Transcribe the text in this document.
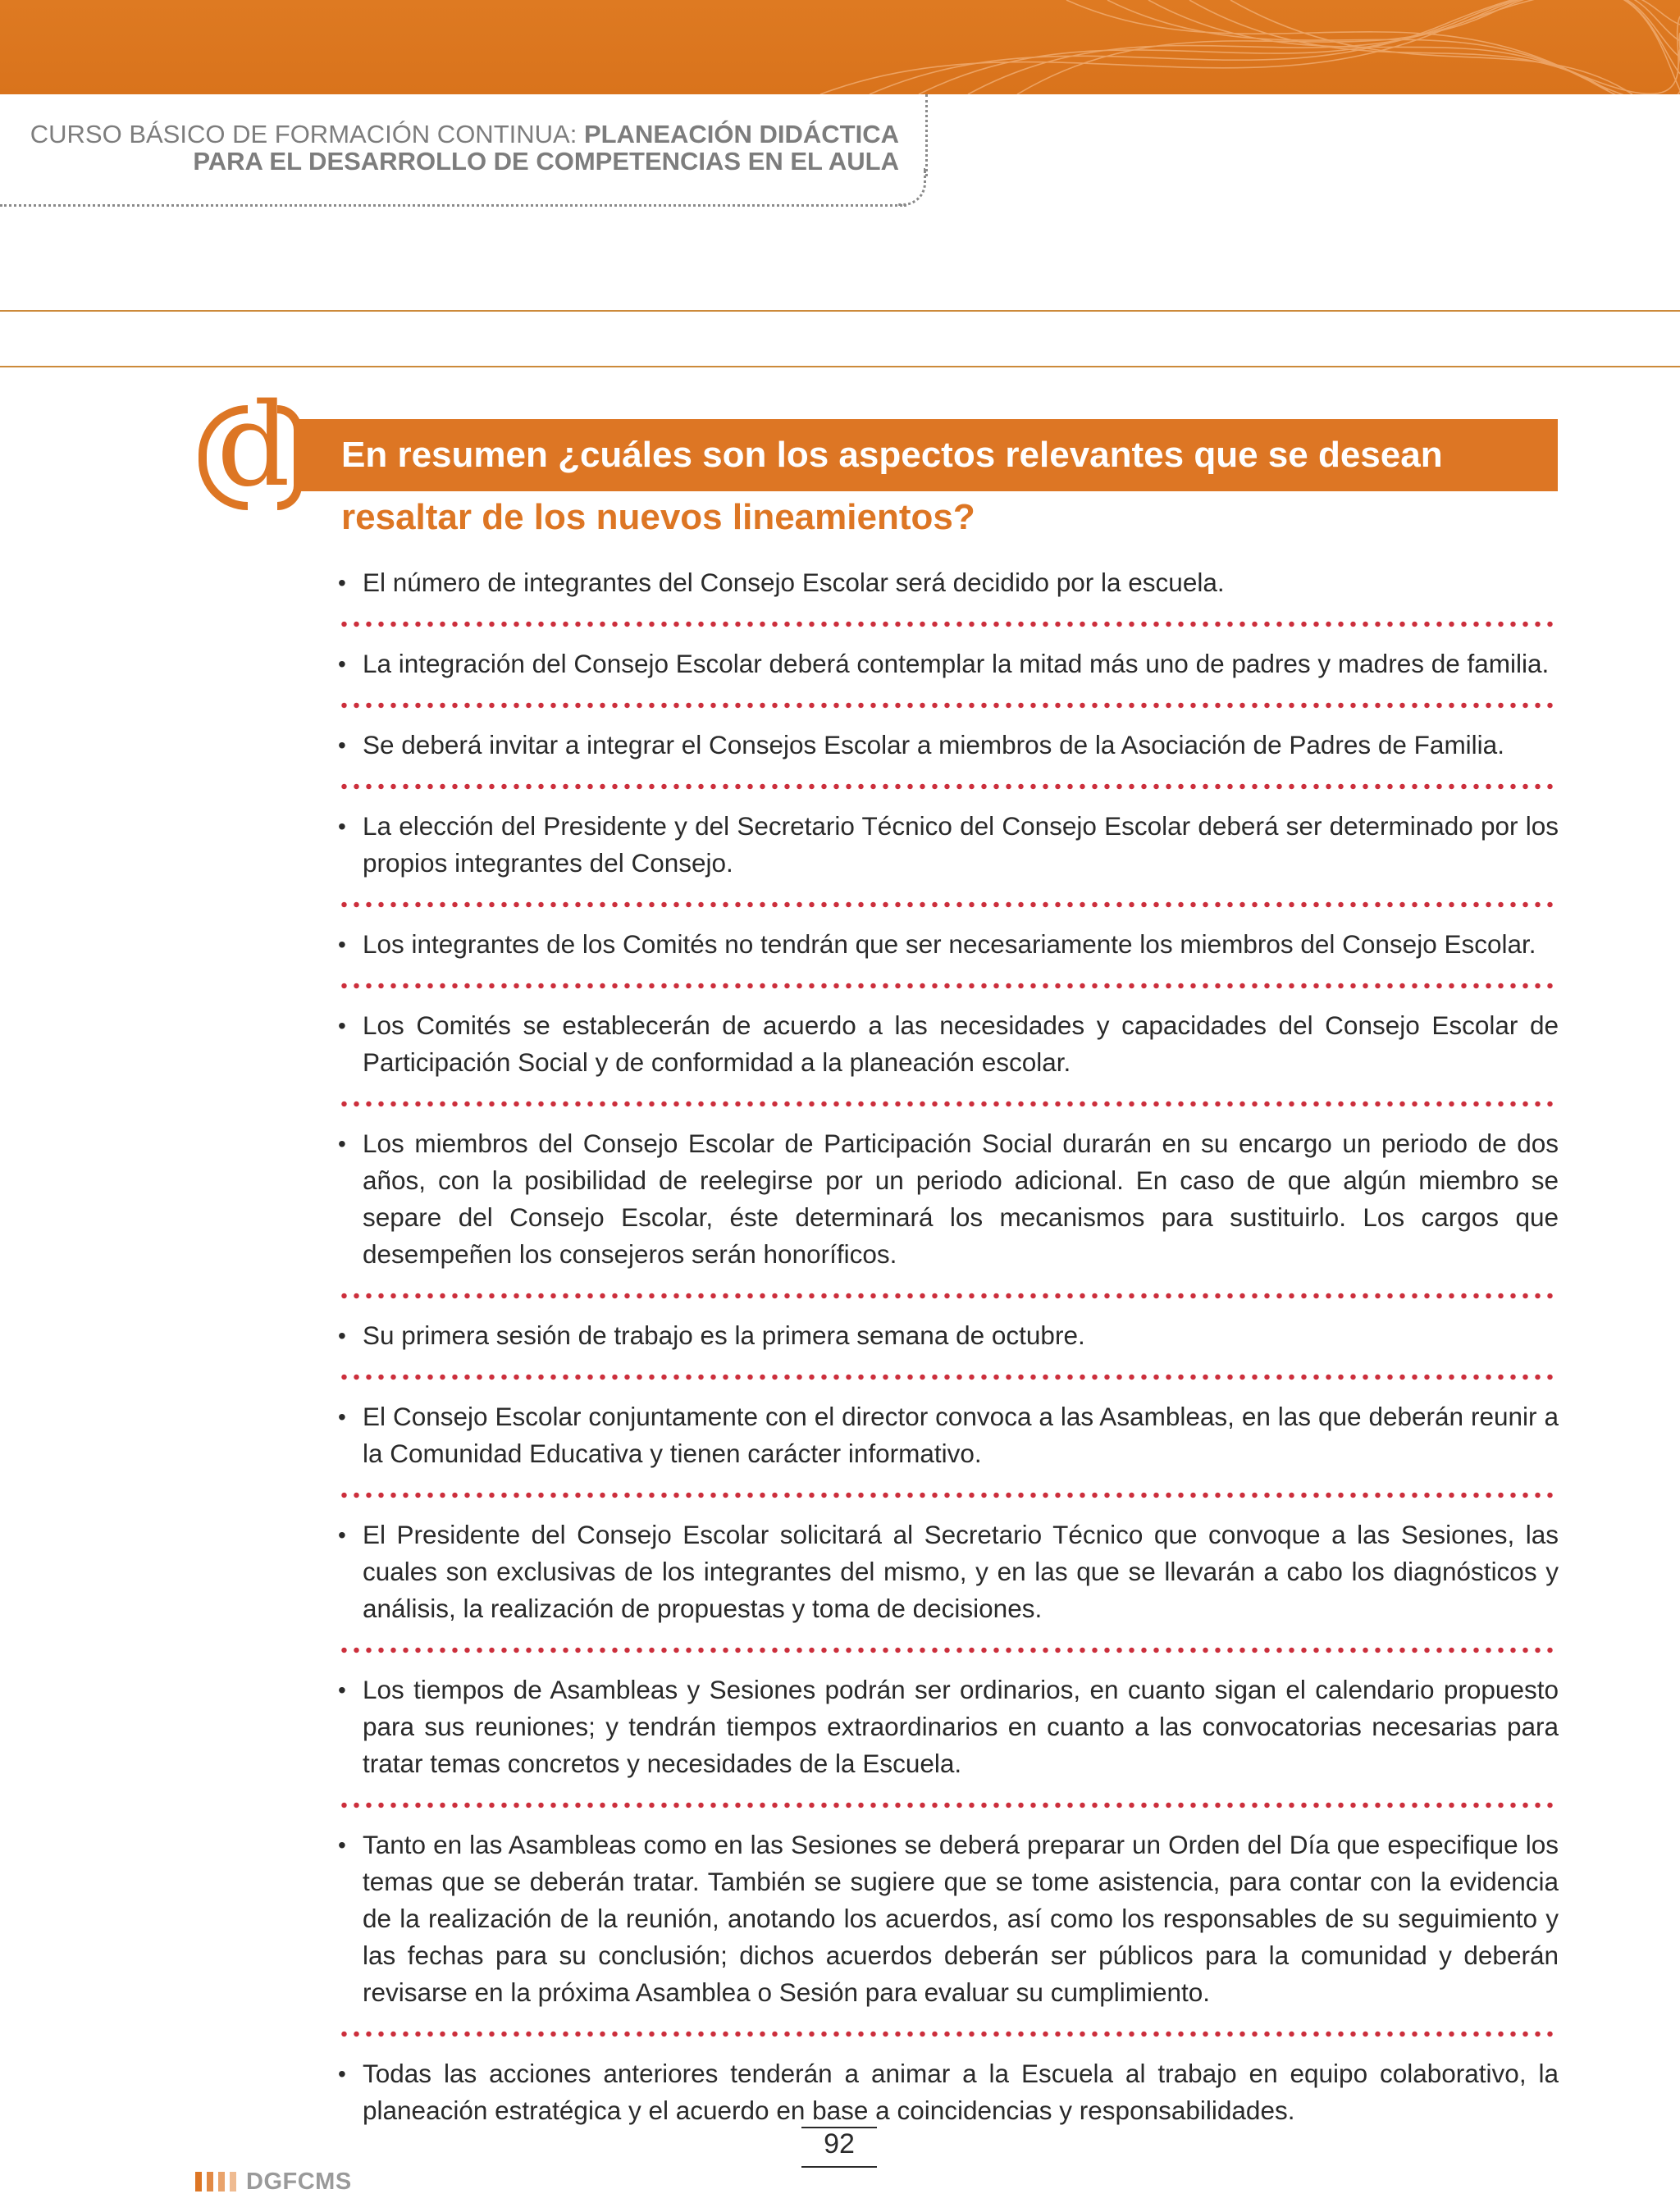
CURSO BÁSICO DE FORMACIÓN CONTINUA: PLANEACIÓN DIDÁCTICA
PARA EL DESARROLLO DE COMPETENCIAS EN EL AULA
d En resumen ¿cuáles son los aspectos relevantes que se desean
resaltar de los nuevos lineamientos?
• El número de integrantes del Consejo Escolar será decidido por la escuela.
• La integración del Consejo Escolar deberá contemplar la mitad más uno de padres y madres de familia.
• Se deberá invitar a integrar el Consejos Escolar a miembros de la Asociación de Padres de Familia.
• La elección del Presidente y del Secretario Técnico del Consejo Escolar deberá ser determinado por los propios integrantes del Consejo.
• Los integrantes de los Comités no tendrán que ser necesariamente los miembros del Consejo Escolar.
• Los Comités se establecerán de acuerdo a las necesidades y capacidades del Consejo Escolar de Participación Social y de conformidad a la planeación escolar.
• Los miembros del Consejo Escolar de Participación Social durarán en su encargo un periodo de dos años, con la posibilidad de reelegirse por un periodo adicional. En caso de que algún miembro se separe del Consejo Escolar, éste determinará los mecanismos para sustituirlo. Los cargos que desempeñen los consejeros serán honoríficos.
• Su primera sesión de trabajo es la primera semana de octubre.
• El Consejo Escolar conjuntamente con el director convoca a las Asambleas, en las que deberán reunir a la Comunidad Educativa y tienen carácter informativo.
• El Presidente del Consejo Escolar solicitará al Secretario Técnico que convoque a las Sesiones, las cuales son exclusivas de los integrantes del mismo, y en las que se llevarán a cabo los diagnósticos y análisis, la realización de propuestas y toma de decisiones.
• Los tiempos de Asambleas y Sesiones podrán ser ordinarios, en cuanto sigan el calendario propuesto para sus reuniones; y tendrán tiempos extraordinarios en cuanto a las convocatorias necesarias para tratar temas concretos y necesidades de la Escuela.
• Tanto en las Asambleas como en las Sesiones se deberá preparar un Orden del Día que especifique los temas que se deberán tratar. También se sugiere que se tome asistencia, para contar con la evidencia de la realización de la reunión, anotando los acuerdos, así como los responsables de su seguimiento y las fechas para su conclusión; dichos acuerdos deberán ser públicos para la comunidad y deberán revisarse en la próxima Asamblea o Sesión para evaluar su cumplimiento.
• Todas las acciones anteriores tenderán a animar a la Escuela al trabajo en equipo colaborativo, la planeación estratégica y el acuerdo en base a coincidencias y responsabilidades.
DGFCMS
92
